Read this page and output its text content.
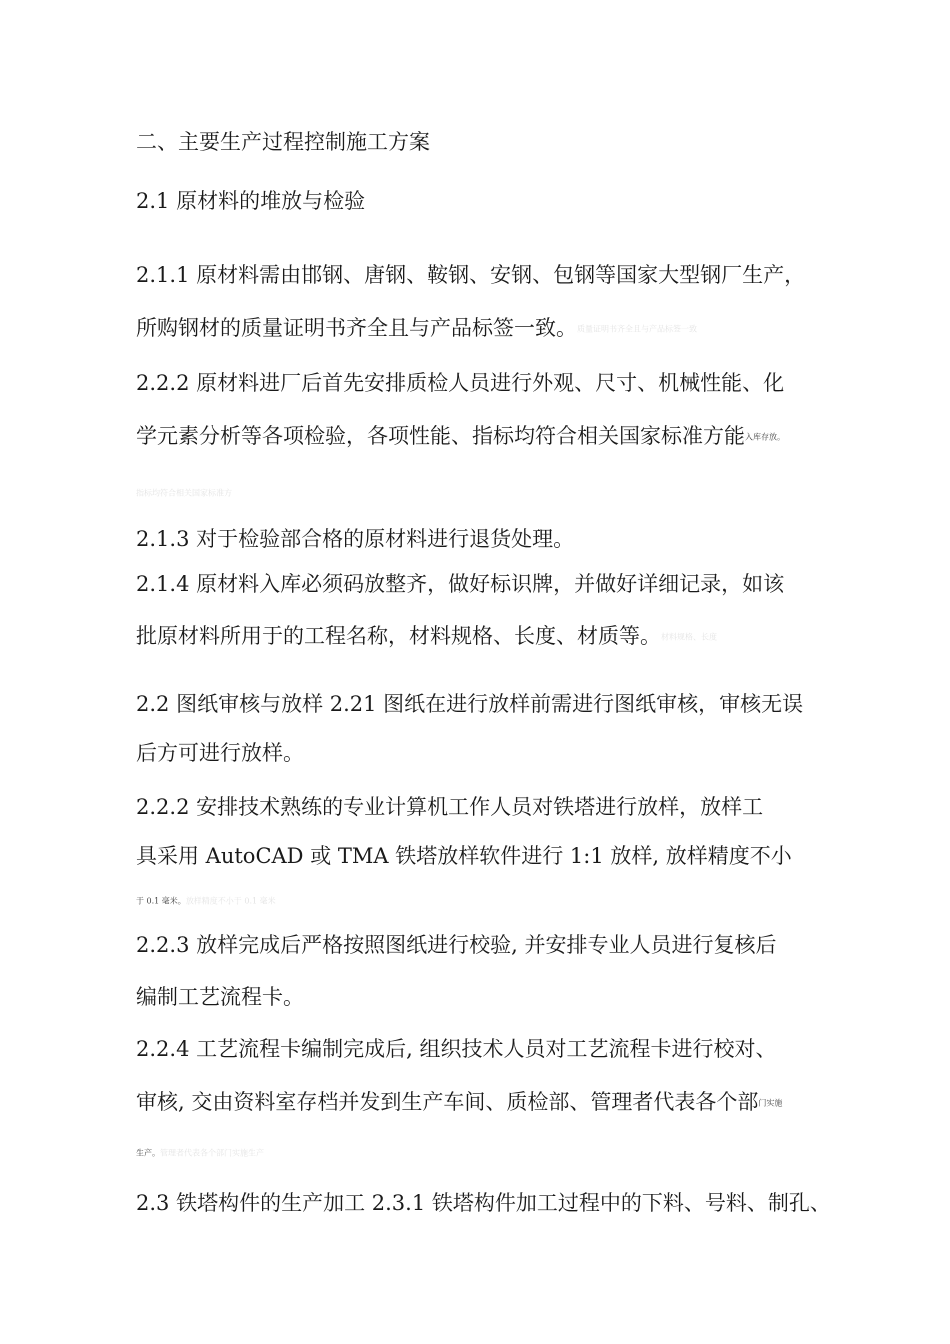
二、主要生产过程控制施工方案
2.1 原材料的堆放与检验
2.1.1 原材料需由邯钢、唐钢、鞍钢、安钢、包钢等国家大型钢厂生产，
所购钢材的质量证明书齐全且与产品标签一致。质量证明书齐全且与产品标签一致
2.2.2 原材料进厂后首先安排质检人员进行外观、尺寸、机械性能、化
学元素分析等各项检验，各项性能、指标均符合相关国家标准方能入库存放。
指标均符合相关国家标准方
2.1.3 对于检验部合格的原材料进行退货处理。
2.1.4 原材料入库必须码放整齐，做好标识牌，并做好详细记录，如该
批原材料所用于的工程名称，材料规格、长度、材质等。材料规格、长度
2.2 图纸审核与放样 2.21 图纸在进行放样前需进行图纸审核，审核无误
后方可进行放样。
2.2.2 安排技术熟练的专业计算机工作人员对铁塔进行放样，放样工
具采用 AutoCAD 或 TMA 铁塔放样软件进行 1:1 放样, 放样精度不小
于 0.1 毫米。放样精度不小于 0.1 毫米
2.2.3 放样完成后严格按照图纸进行校验, 并安排专业人员进行复核后
编制工艺流程卡。
2.2.4 工艺流程卡编制完成后, 组织技术人员对工艺流程卡进行校对、
审核, 交由资料室存档并发到生产车间、质检部、管理者代表各个部门实施
生产。管理者代表各个部门实施生产
2.3 铁塔构件的生产加工 2.3.1 铁塔构件加工过程中的下料、号料、制孔、
